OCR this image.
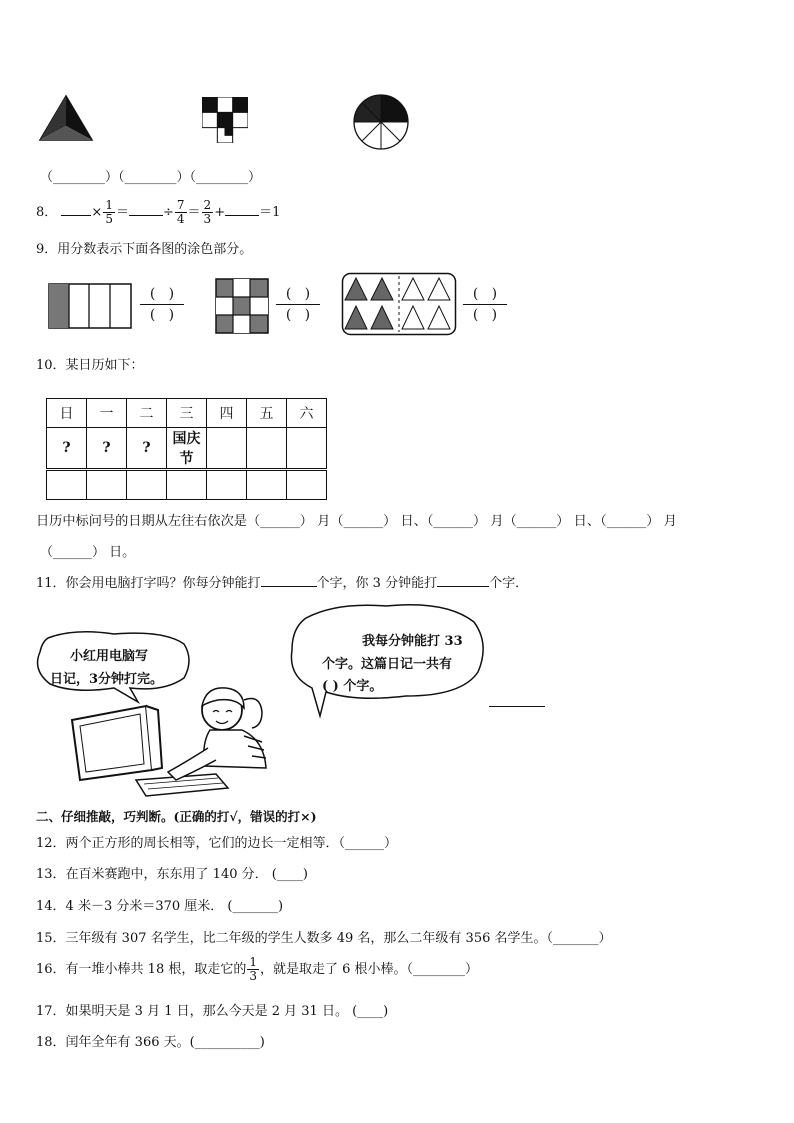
（________）（________）（________）
8．	× $\frac{1}{5}$ ＝	÷ $\frac{7}{4} = \frac{2}{3}$ +	＝1
9．用分数表示下面各图的涂色部分。
( )
( )
( )
( )
( )
( )
10．某日历如下：
日	一	二	三	四	五	六
?	?	?	国庆节			

日历中标问号的日期从左往右依次是（______） 月（______） 日、（______） 月（______） 日、（______） 月
（______） 日。
11．你会用电脑打字吗？你每分钟能打	个字，你 3 分钟能打	个字．
小红用电脑写
日记，3分钟打完。
我每分钟能打 33
个字。这篇日记一共有
( ) 个字。
二、仔细推敲，巧判断。(正确的打√，错误的打×)
12．两个正方形的周长相等，它们的边长一定相等．（______）
13．在百米赛跑中，东东用了 140 分． (____)
14．4 米－3 分米＝370 厘米． (_______)
15．三年级有 307 名学生，比二年级的学生人数多 49 名，那么二年级有 356 名学生。（_______）
16．有一堆小棒共 18 根，取走它的 $\frac{1}{3}$ ，就是取走了 6 根小棒。（________）
17．如果明天是 3 月 1 日，那么今天是 2 月 31 日。 (____)
18．闰年全年有 366 天。(__________)
